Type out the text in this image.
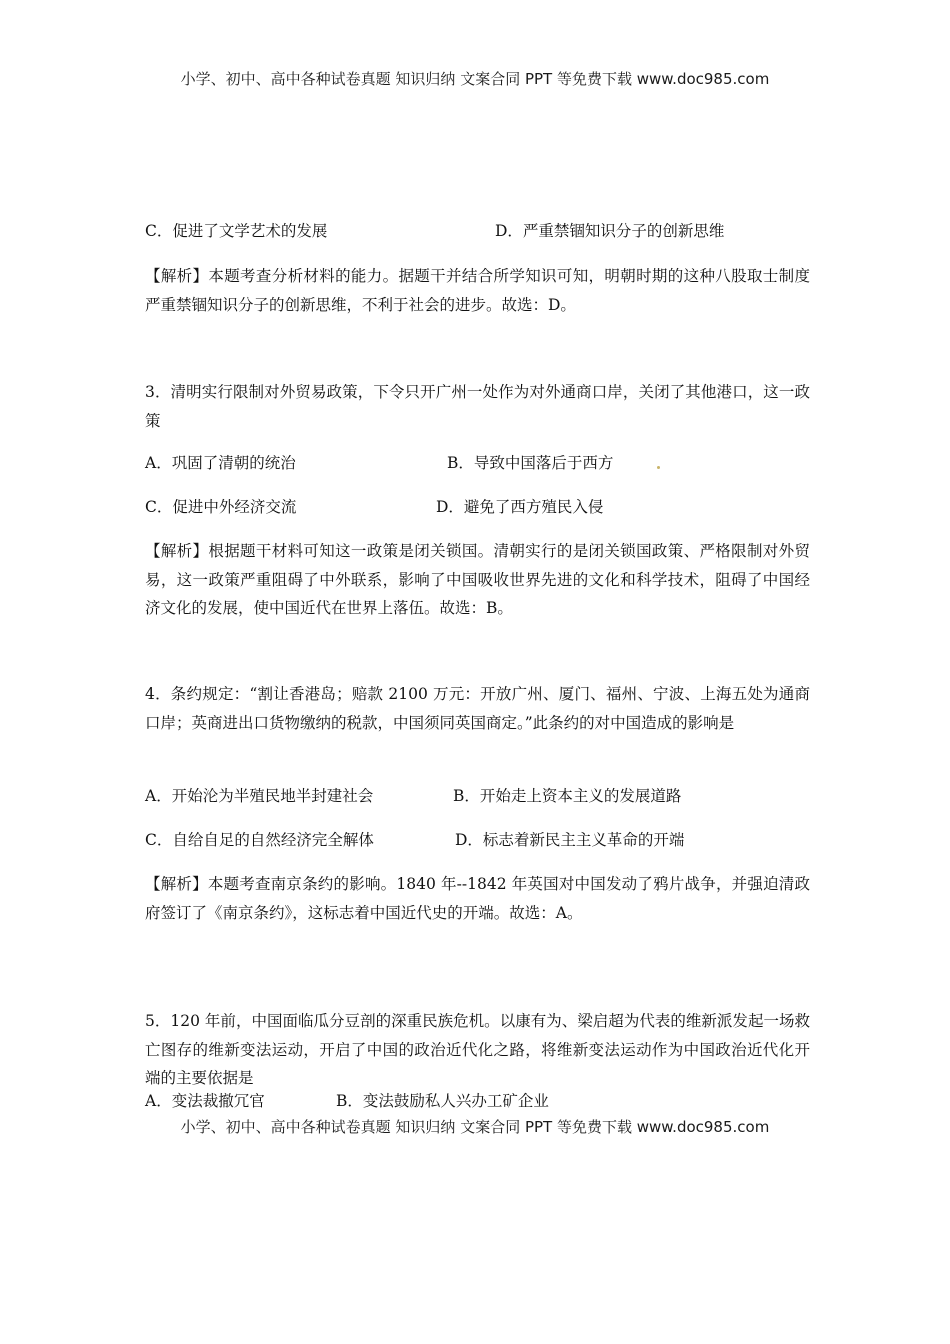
小学、初中、高中各种试卷真题 知识归纳 文案合同 PPT 等免费下载 www.doc985.com
C．促进了文学艺术的发展	D．严重禁锢知识分子的创新思维
【解析】本题考查分析材料的能力。据题干并结合所学知识可知，明朝时期的这种八股取士制度严重禁锢知识分子的创新思维，不利于社会的进步。故选：D。
3．清明实行限制对外贸易政策，下令只开广州一处作为对外通商口岸，关闭了其他港口，这一政策
A．巩固了清朝的统治	B．导致中国落后于西方
C．促进中外经济交流	D．避免了西方殖民入侵
【解析】根据题干材料可知这一政策是闭关锁国。清朝实行的是闭关锁国政策、严格限制对外贸易，这一政策严重阻碍了中外联系，影响了中国吸收世界先进的文化和科学技术，阻碍了中国经济文化的发展，使中国近代在世界上落伍。故选：B。
4．条约规定：“割让香港岛；赔款 2100 万元：开放广州、厦门、福州、宁波、上海五处为通商口岸；英商进出口货物缴纳的税款，中国须同英国商定。”此条约的对中国造成的影响是
A．开始沦为半殖民地半封建社会	B．开始走上资本主义的发展道路
C．自给自足的自然经济完全解体	D．标志着新民主主义革命的开端
【解析】本题考查南京条约的影响。1840 年--1842 年英国对中国发动了鸦片战争，并强迫清政府签订了《南京条约》，这标志着中国近代史的开端。故选：A。
5．120 年前，中国面临瓜分豆剖的深重民族危机。以康有为、梁启超为代表的维新派发起一场救亡图存的维新变法运动，开启了中国的政治近代化之路，将维新变法运动作为中国政治近代化开端的主要依据是
A．变法裁撤冗官	B．变法鼓励私人兴办工矿企业
小学、初中、高中各种试卷真题 知识归纳 文案合同 PPT 等免费下载 www.doc985.com
